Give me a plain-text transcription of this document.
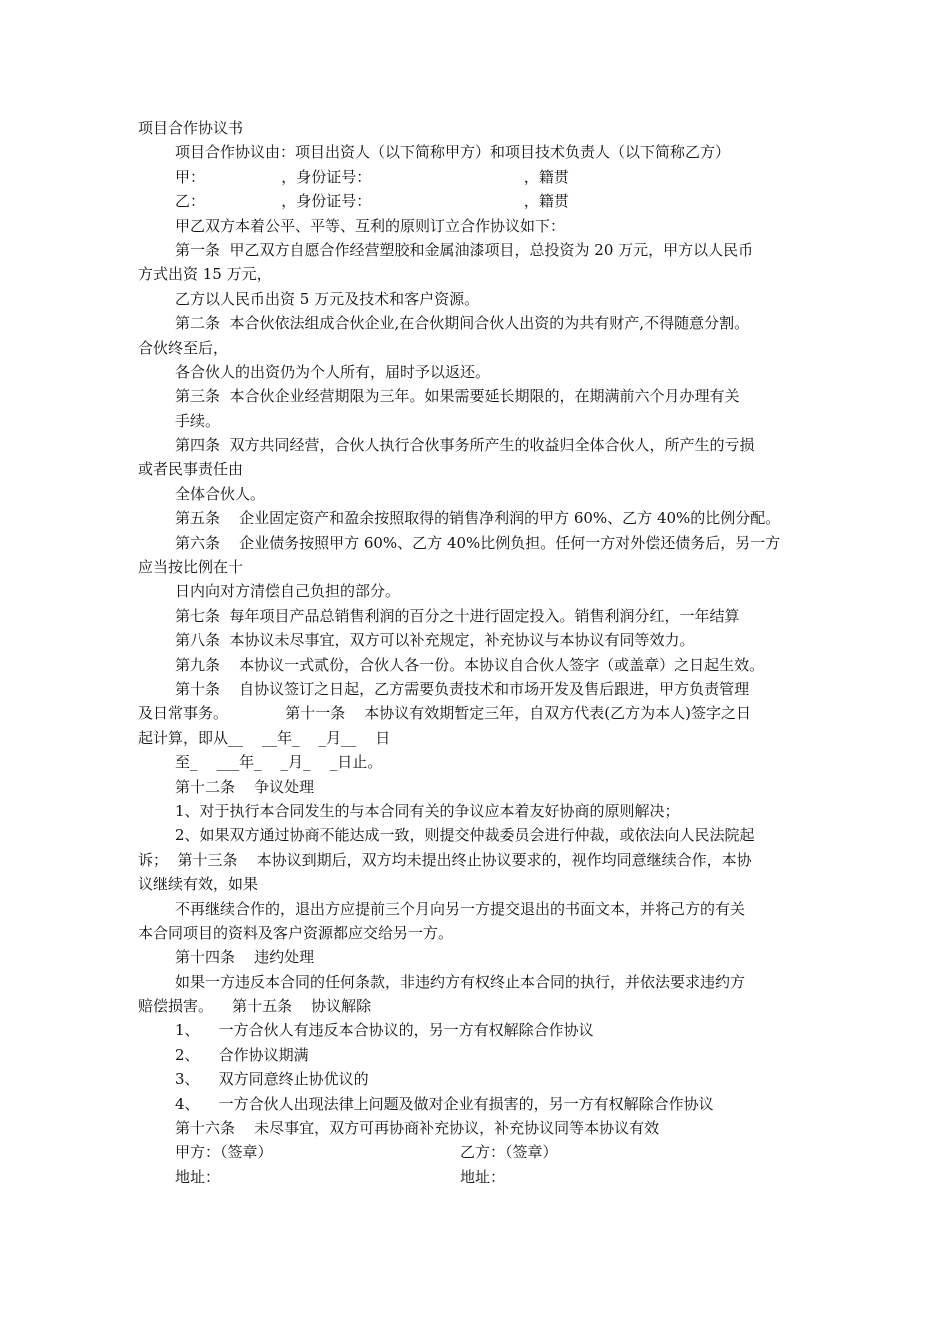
项目合作协议书
项目合作协议由：项目出资人（以下简称甲方）和项目技术负责人（以下简称乙方）
甲：                ，身份证号：                                ，籍贯
乙：                ，身份证号：                                ，籍贯
甲乙双方本着公平、平等、互利的原则订立合作协议如下：
第一条  甲乙双方自愿合作经营塑胶和金属油漆项目，总投资为 20 万元，甲方以人民币
方式出资 15 万元，
乙方以人民币出资 5 万元及技术和客户资源。
第二条  本合伙依法组成合伙企业,在合伙期间合伙人出资的为共有财产,不得随意分割。
合伙终至后，
各合伙人的出资仍为个人所有，届时予以返还。
第三条  本合伙企业经营期限为三年。如果需要延长期限的，在期满前六个月办理有关
手续。
第四条  双方共同经营，合伙人执行合伙事务所产生的收益归全体合伙人，所产生的亏损
或者民事责任由
全体合伙人。
第五条    企业固定资产和盈余按照取得的销售净利润的甲方 60%、乙方 40%的比例分配。
第六条    企业债务按照甲方 60%、乙方 40%比例负担。任何一方对外偿还债务后，另一方
应当按比例在十
日内向对方清偿自己负担的部分。
第七条  每年项目产品总销售利润的百分之十进行固定投入。销售利润分红，一年结算
第八条  本协议未尽事宜，双方可以补充规定，补充协议与本协议有同等效力。
第九条    本协议一式贰份，合伙人各一份。本协议自合伙人签字（或盖章）之日起生效。
第十条    自协议签订之日起，乙方需要负责技术和市场开发及售后跟进，甲方负责管理
及日常事务。            第十一条    本协议有效期暂定三年，自双方代表(乙方为本人)签字之日
起计算，即从__    __年_    _月__    日
至_    ___年_    _月_    _日止。
第十二条    争议处理
1、对于执行本合同发生的与本合同有关的争议应本着友好协商的原则解决；
2、如果双方通过协商不能达成一致，则提交仲裁委员会进行仲裁，或依法向人民法院起
诉；  第十三条    本协议到期后，双方均未提出终止协议要求的，视作均同意继续合作，本协
议继续有效，如果
不再继续合作的，退出方应提前三个月向另一方提交退出的书面文本，并将己方的有关
本合同项目的资料及客户资源都应交给另一方。
第十四条    违约处理
如果一方违反本合同的任何条款，非违约方有权终止本合同的执行，并依法要求违约方
赔偿损害。    第十五条    协议解除
1、    一方合伙人有违反本合协议的，另一方有权解除合作协议
2、    合作协议期满
3、    双方同意终止协优议的
4、    一方合伙人出现法律上问题及做对企业有损害的，另一方有权解除合作协议
第十六条    未尽事宜，双方可再协商补充协议，补充协议同等本协议有效
甲方：（签章）	乙方：（签章）
地址：	地址：
